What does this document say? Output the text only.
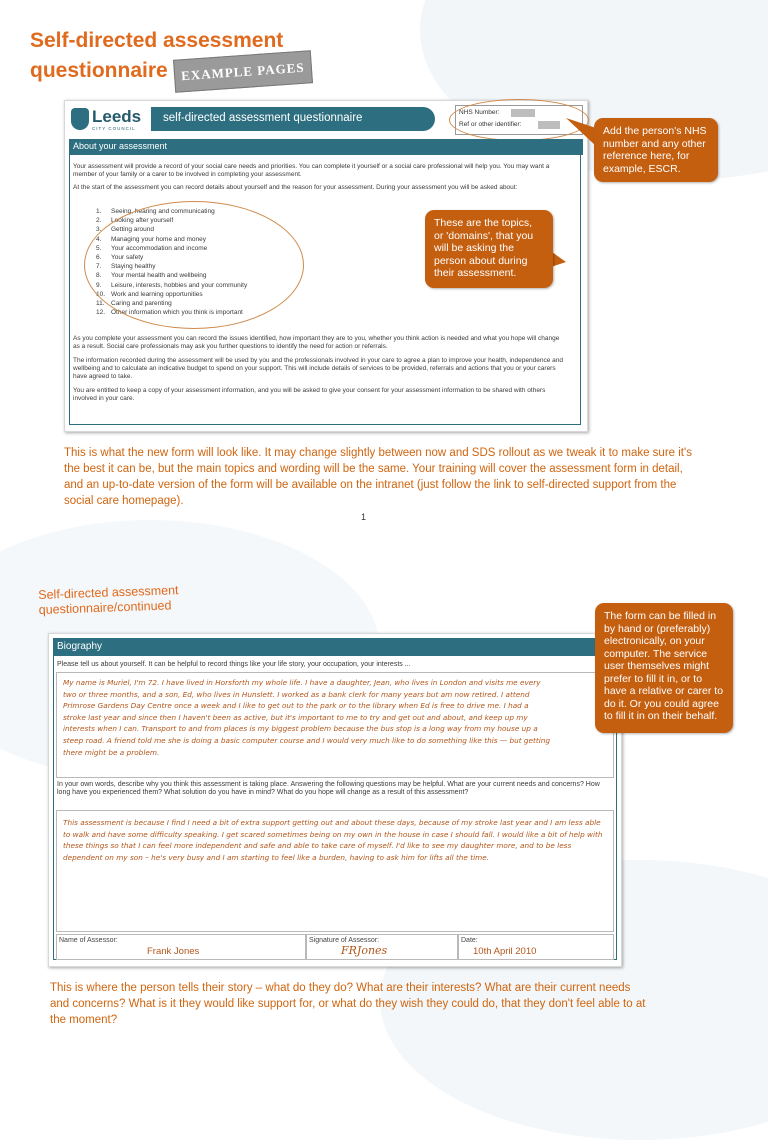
Self-directed assessment
questionnaire EXAMPLE PAGES
Leeds
CITY COUNCIL
self-directed assessment questionnaire	NHS Number:
Ref or other identifier:
About your assessment
Your assessment will provide a record of your social care needs and priorities. You can complete it yourself or a social care professional will help you. You may want a member of your family or a carer to be involved in completing your assessment.
At the start of the assessment you can record details about yourself and the reason for your assessment. During your assessment you will be asked about:
1. Seeing, hearing and communicating
2. Looking after yourself
3. Getting around
4. Managing your home and money
5. Your accommodation and income
6. Your safety
7. Staying healthy
8. Your mental health and wellbeing
9. Leisure, interests, hobbies and your community
10. Work and learning opportunities
11. Caring and parenting
12. Other information which you think is important
As you complete your assessment you can record the issues identified, how important they are to you, whether you think action is needed and what you hope will change as a result. Social care professionals may ask you further questions to identify the need for action or referrals.
The information recorded during the assessment will be used by you and the professionals involved in your care to agree a plan to improve your health, independence and wellbeing and to calculate an indicative budget to spend on your support. This will include details of services to be provided, referrals and actions that you or your carers have agreed to take.
You are entitled to keep a copy of your assessment information, and you will be asked to give your consent for your assessment information to be shared with others involved in your care.
Add the person's NHS number and any other reference here, for example, ESCR.
These are the topics, or 'domains', that you will be asking the person about during their assessment.
This is what the new form will look like. It may change slightly between now and SDS rollout as we tweak it to make sure it's the best it can be, but the main topics and wording will be the same. Your training will cover the assessment form in detail, and an up-to-date version of the form will be available on the intranet (just follow the link to self-directed support from the social care homepage).
1
Self-directed assessment
questionnaire/continued
Biography
Please tell us about yourself. It can be helpful to record things like your life story, your occupation, your interests ...
My name is Muriel, I'm 72. I have lived in Horsforth my whole life. I have a daughter, Jean, who lives in London and visits me every two or three months, and a son, Ed, who lives in Hunslett. I worked as a bank clerk for many years but am now retired. I attend Primrose Gardens Day Centre once a week and I like to get out to the park or to the library when Ed is free to drive me. I had a stroke last year and since then I haven't been as active, but it's important to me to try and get out and about, and keep up my interests when I can. Transport to and from places is my biggest problem because the bus stop is a long way from my house up a steep road. A friend told me she is doing a basic computer course and I would very much like to do something like this — but getting there might be a problem.
In your own words, describe why you think this assessment is taking place. Answering the following questions may be helpful. What are your current needs and concerns? How long have you experienced them? What solution do you have in mind? What do you hope will change as a result of this assessment?
This assessment is because I find I need a bit of extra support getting out and about these days, because of my stroke last year and I am less able to walk and have some difficulty speaking. I get scared sometimes being on my own in the house in case I should fall. I would like a bit of help with these things so that I can feel more independent and safe and able to take care of myself. I'd like to see my daughter more, and to be less dependent on my son – he's very busy and I am starting to feel like a burden, having to ask him for lifts all the time.
Name of Assessor:
Frank Jones
Signature of Assessor:
FRJones
Date:
10th April 2010
The form can be filled in by hand or (preferably) electronically, on your computer. The service user themselves might prefer to fill it in, or to have a relative or carer to do it. Or you could agree to fill it in on their behalf.
This is where the person tells their story – what do they do? What are their interests? What are their current needs and concerns? What is it they would like support for, or what do they wish they could do, that they don't feel able to at the moment?
